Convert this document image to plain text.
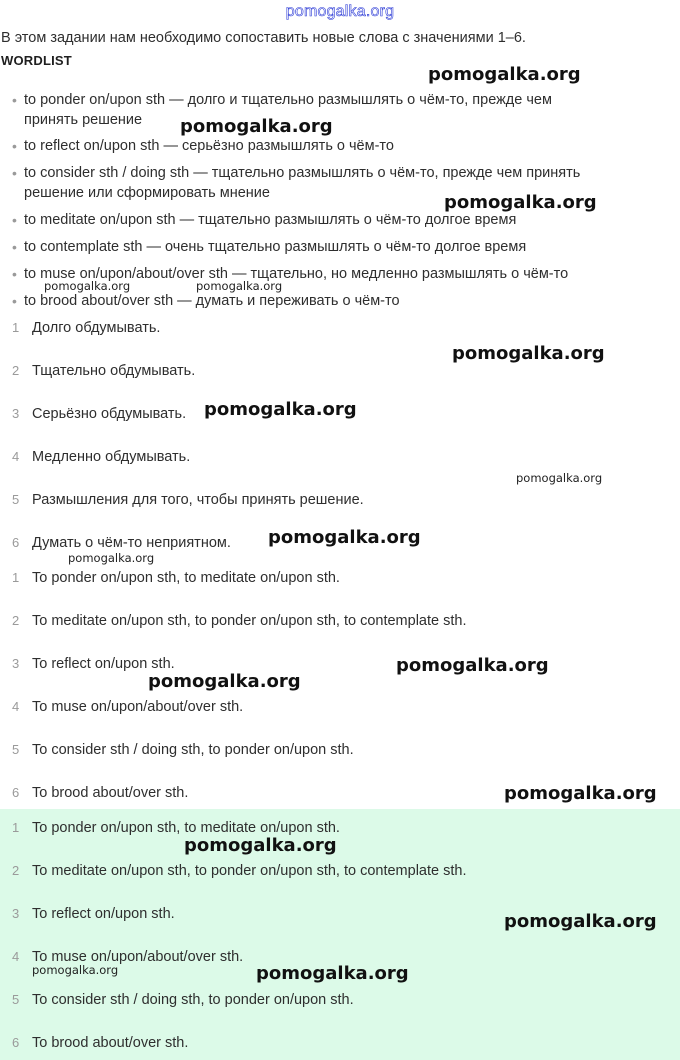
pomogalka.org
В этом задании нам необходимо сопоставить новые слова с значениями 1–6.
WORDLIST
• to ponder on/upon sth — долго и тщательно размышлять о чём-то, прежде чем
принять решение
• to reflect on/upon sth — серьёзно размышлять о чём-то
• to consider sth / doing sth — тщательно размышлять о чём-то, прежде чем принять
решение или сформировать мнение
• to meditate on/upon sth — тщательно размышлять о чём-то долгое время
• to contemplate sth — очень тщательно размышлять о чём-то долгое время
• to muse on/upon/about/over sth — тщательно, но медленно размышлять о чём-то
• to brood about/over sth — думать и переживать о чём-то
1 Долго обдумывать.
2 Тщательно обдумывать.
3 Серьёзно обдумывать.
4 Медленно обдумывать.
5 Размышления для того, чтобы принять решение.
6 Думать о чём-то неприятном.
1 To ponder on/upon sth, to meditate on/upon sth.
2 To meditate on/upon sth, to ponder on/upon sth, to contemplate sth.
3 To reflect on/upon sth.
4 To muse on/upon/about/over sth.
5 To consider sth / doing sth, to ponder on/upon sth.
6 To brood about/over sth.
1 To ponder on/upon sth, to meditate on/upon sth.
2 To meditate on/upon sth, to ponder on/upon sth, to contemplate sth.
3 To reflect on/upon sth.
4 To muse on/upon/about/over sth.
5 To consider sth / doing sth, to ponder on/upon sth.
6 To brood about/over sth.
pomogalka.org
pomogalka.org
pomogalka.org
pomogalka.org	pomogalka.org
pomogalka.org
pomogalka.org
pomogalka.org
pomogalka.org
pomogalka.org
pomogalka.org
pomogalka.org
pomogalka.org
pomogalka.org
pomogalka.org
pomogalka.org	pomogalka.org
